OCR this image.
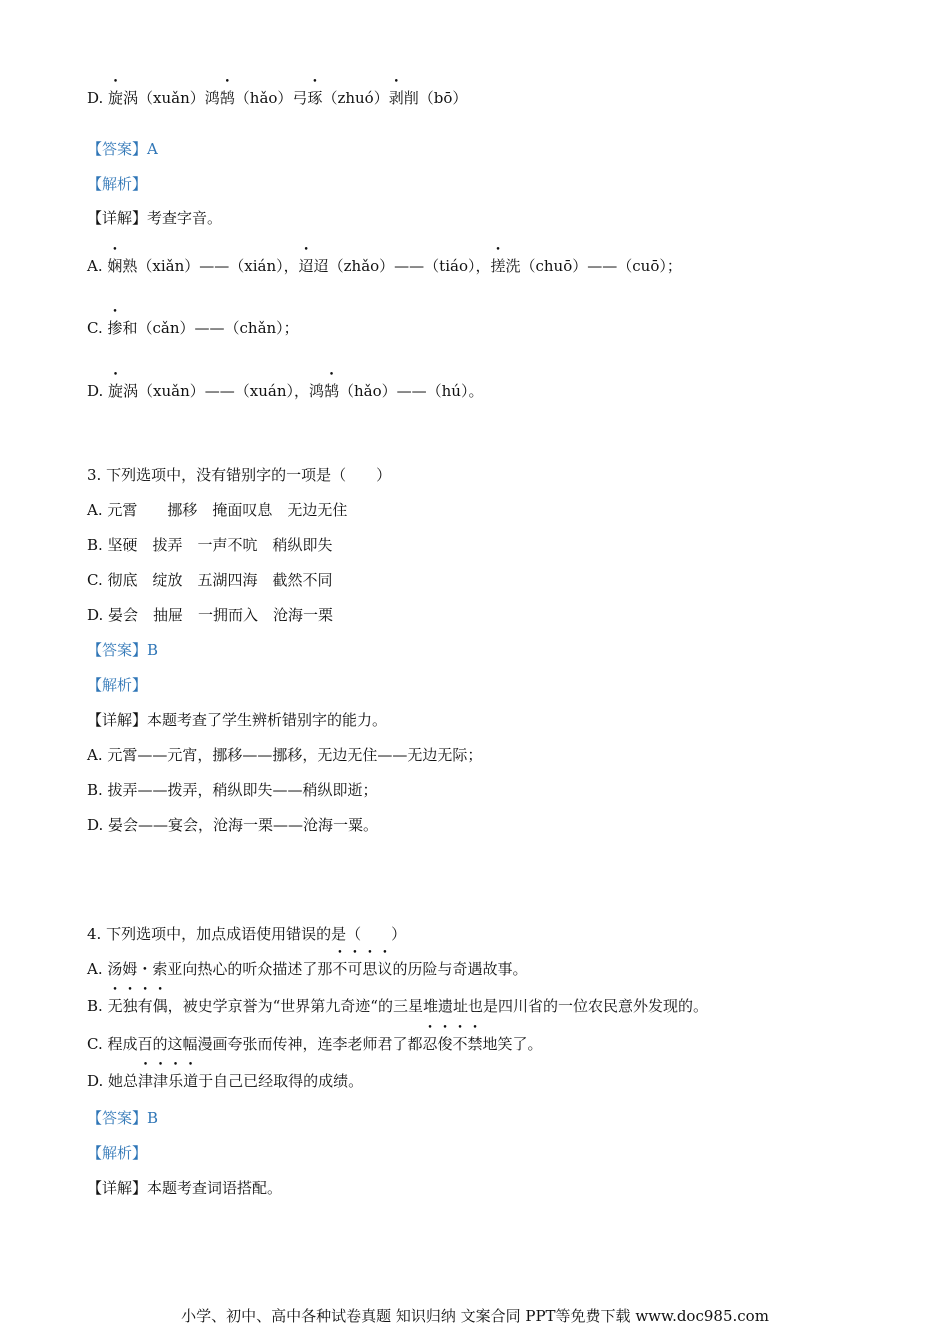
D. 旋涡（xuǎn）鸿鹄（hǎo）弓琢（zhuó）剥削（bō）
【答案】A
【解析】
【详解】考查字音。
A. 娴熟（xiǎn）——（xián），迢迢（zhǎo）——（tiáo），搓洗（chuō）——（cuō）；
C. 掺和（cǎn）——（chǎn）；
D. 旋涡（xuǎn）——（xuán），鸿鹄（hǎo）——（hú）。
3. 下列选项中，没有错别字的一项是（　　）
A. 元霄　　挪移　掩面叹息　无边无住
B. 坚硬　拔弄　一声不吭　稍纵即失
C. 彻底　绽放　五湖四海　截然不同
D. 晏会　抽屉　一拥而入　沧海一栗
【答案】B
【解析】
【详解】本题考查了学生辨析错别字的能力。
A. 元霄——元宵，挪移——挪移，无边无住——无边无际；
B. 拔弄——拨弄，稍纵即失——稍纵即逝；
D. 晏会——宴会，沧海一栗——沧海一粟。
4. 下列选项中，加点成语使用错误的是（　　）
A. 汤姆・索亚向热心的听众描述了那不可思议的历险与奇遇故事。
B. 无独有偶，被史学京誉为“世界第九奇迹“的三星堆遗址也是四川省的一位农民意外发现的。
C. 程成百的这幅漫画夸张而传神，连李老师君了都忍俊不禁地笑了。
D. 她总津津乐道于自己已经取得的成绩。
【答案】B
【解析】
【详解】本题考查词语搭配。
小学、初中、高中各种试卷真题 知识归纳 文案合同 PPT等免费下载 www.doc985.com
